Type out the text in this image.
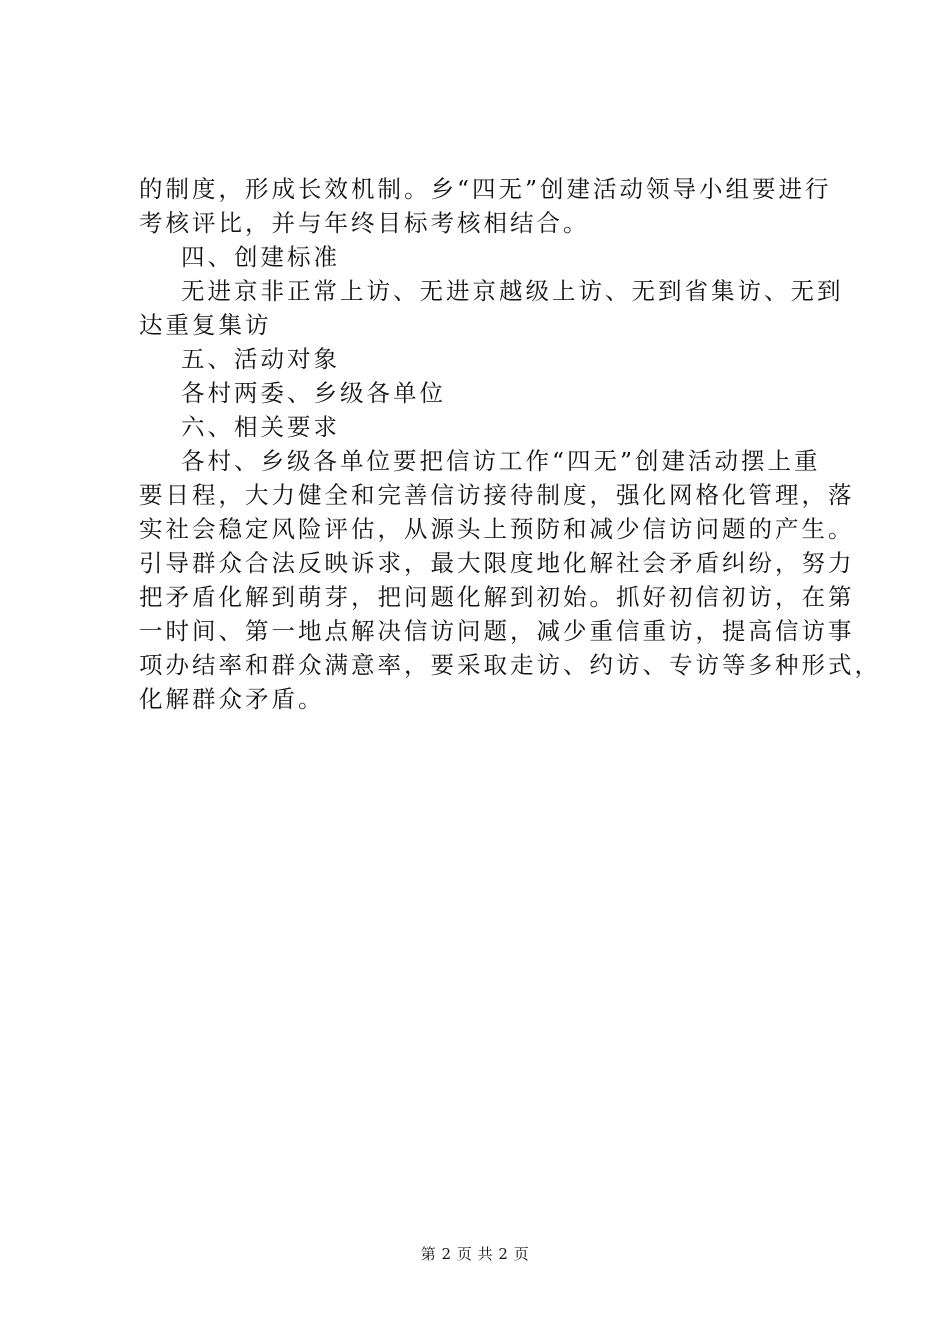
的制度，形成长效机制。乡“四无”创建活动领导小组要进行
考核评比，并与年终目标考核相结合。
四、创建标准
无进京非正常上访、无进京越级上访、无到省集访、无到
达重复集访
五、活动对象
各村两委、乡级各单位
六、相关要求
各村、乡级各单位要把信访工作“四无”创建活动摆上重
要日程，大力健全和完善信访接待制度，强化网格化管理，落
实社会稳定风险评估，从源头上预防和减少信访问题的产生。
引导群众合法反映诉求，最大限度地化解社会矛盾纠纷，努力
把矛盾化解到萌芽，把问题化解到初始。抓好初信初访，在第
一时间、第一地点解决信访问题，减少重信重访，提高信访事
项办结率和群众满意率，要采取走访、约访、专访等多种形式，
化解群众矛盾。
第 2 页 共 2 页
